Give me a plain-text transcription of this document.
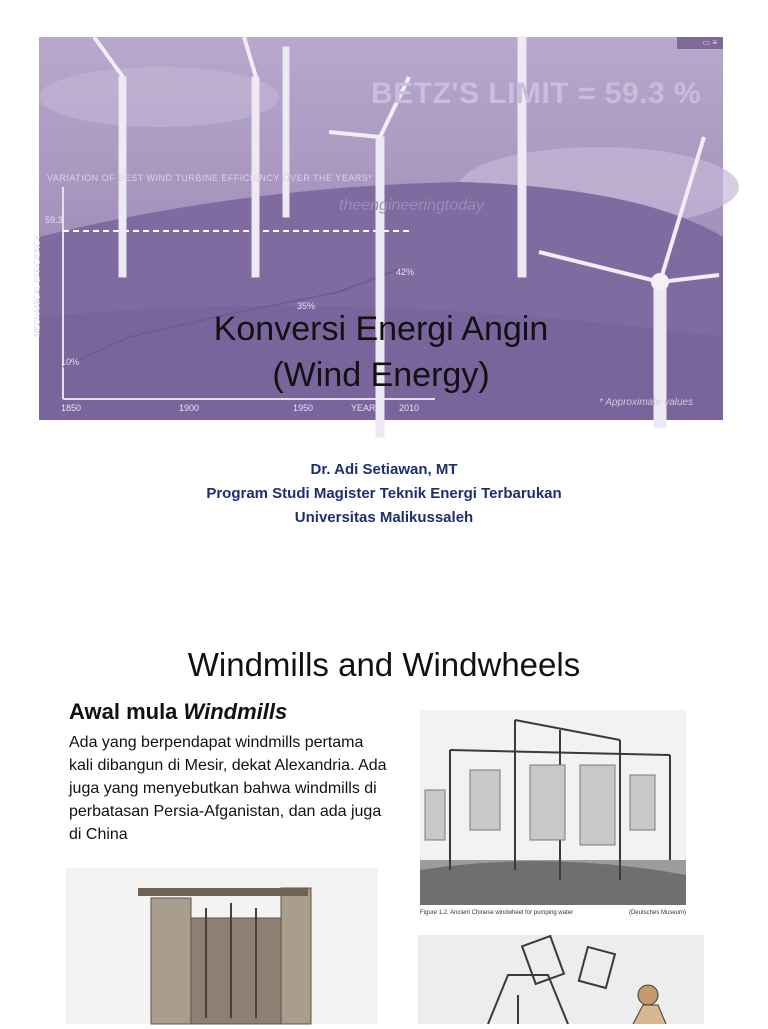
BETZ'S LIMIT = 59.3 %
VARIATION OF BEST WIND TURBINE EFFICIENCY OVER THE YEARS*
MECHANICAL EFFICIENCY
59.3
42%
35%
10%
1850	1900	1950	YEAR	2010
theengineeringtoday
* Approximate values
▭ ≡
Konversi Energi Angin
(Wind Energy)
Dr. Adi Setiawan, MT
Program Studi Magister Teknik Energi Terbarukan
Universitas Malikussaleh
Windmills and Windwheels
Awal mula Windmills
Ada yang berpendapat windmills pertama kali dibangun di Mesir, dekat Alexandria. Ada juga yang menyebutkan bahwa windmills di perbatasan Persia-Afganistan, dan ada juga di China
Figure 1.2. Ancient Chinese windwheel for pumping water	(Deutsches Museum)
